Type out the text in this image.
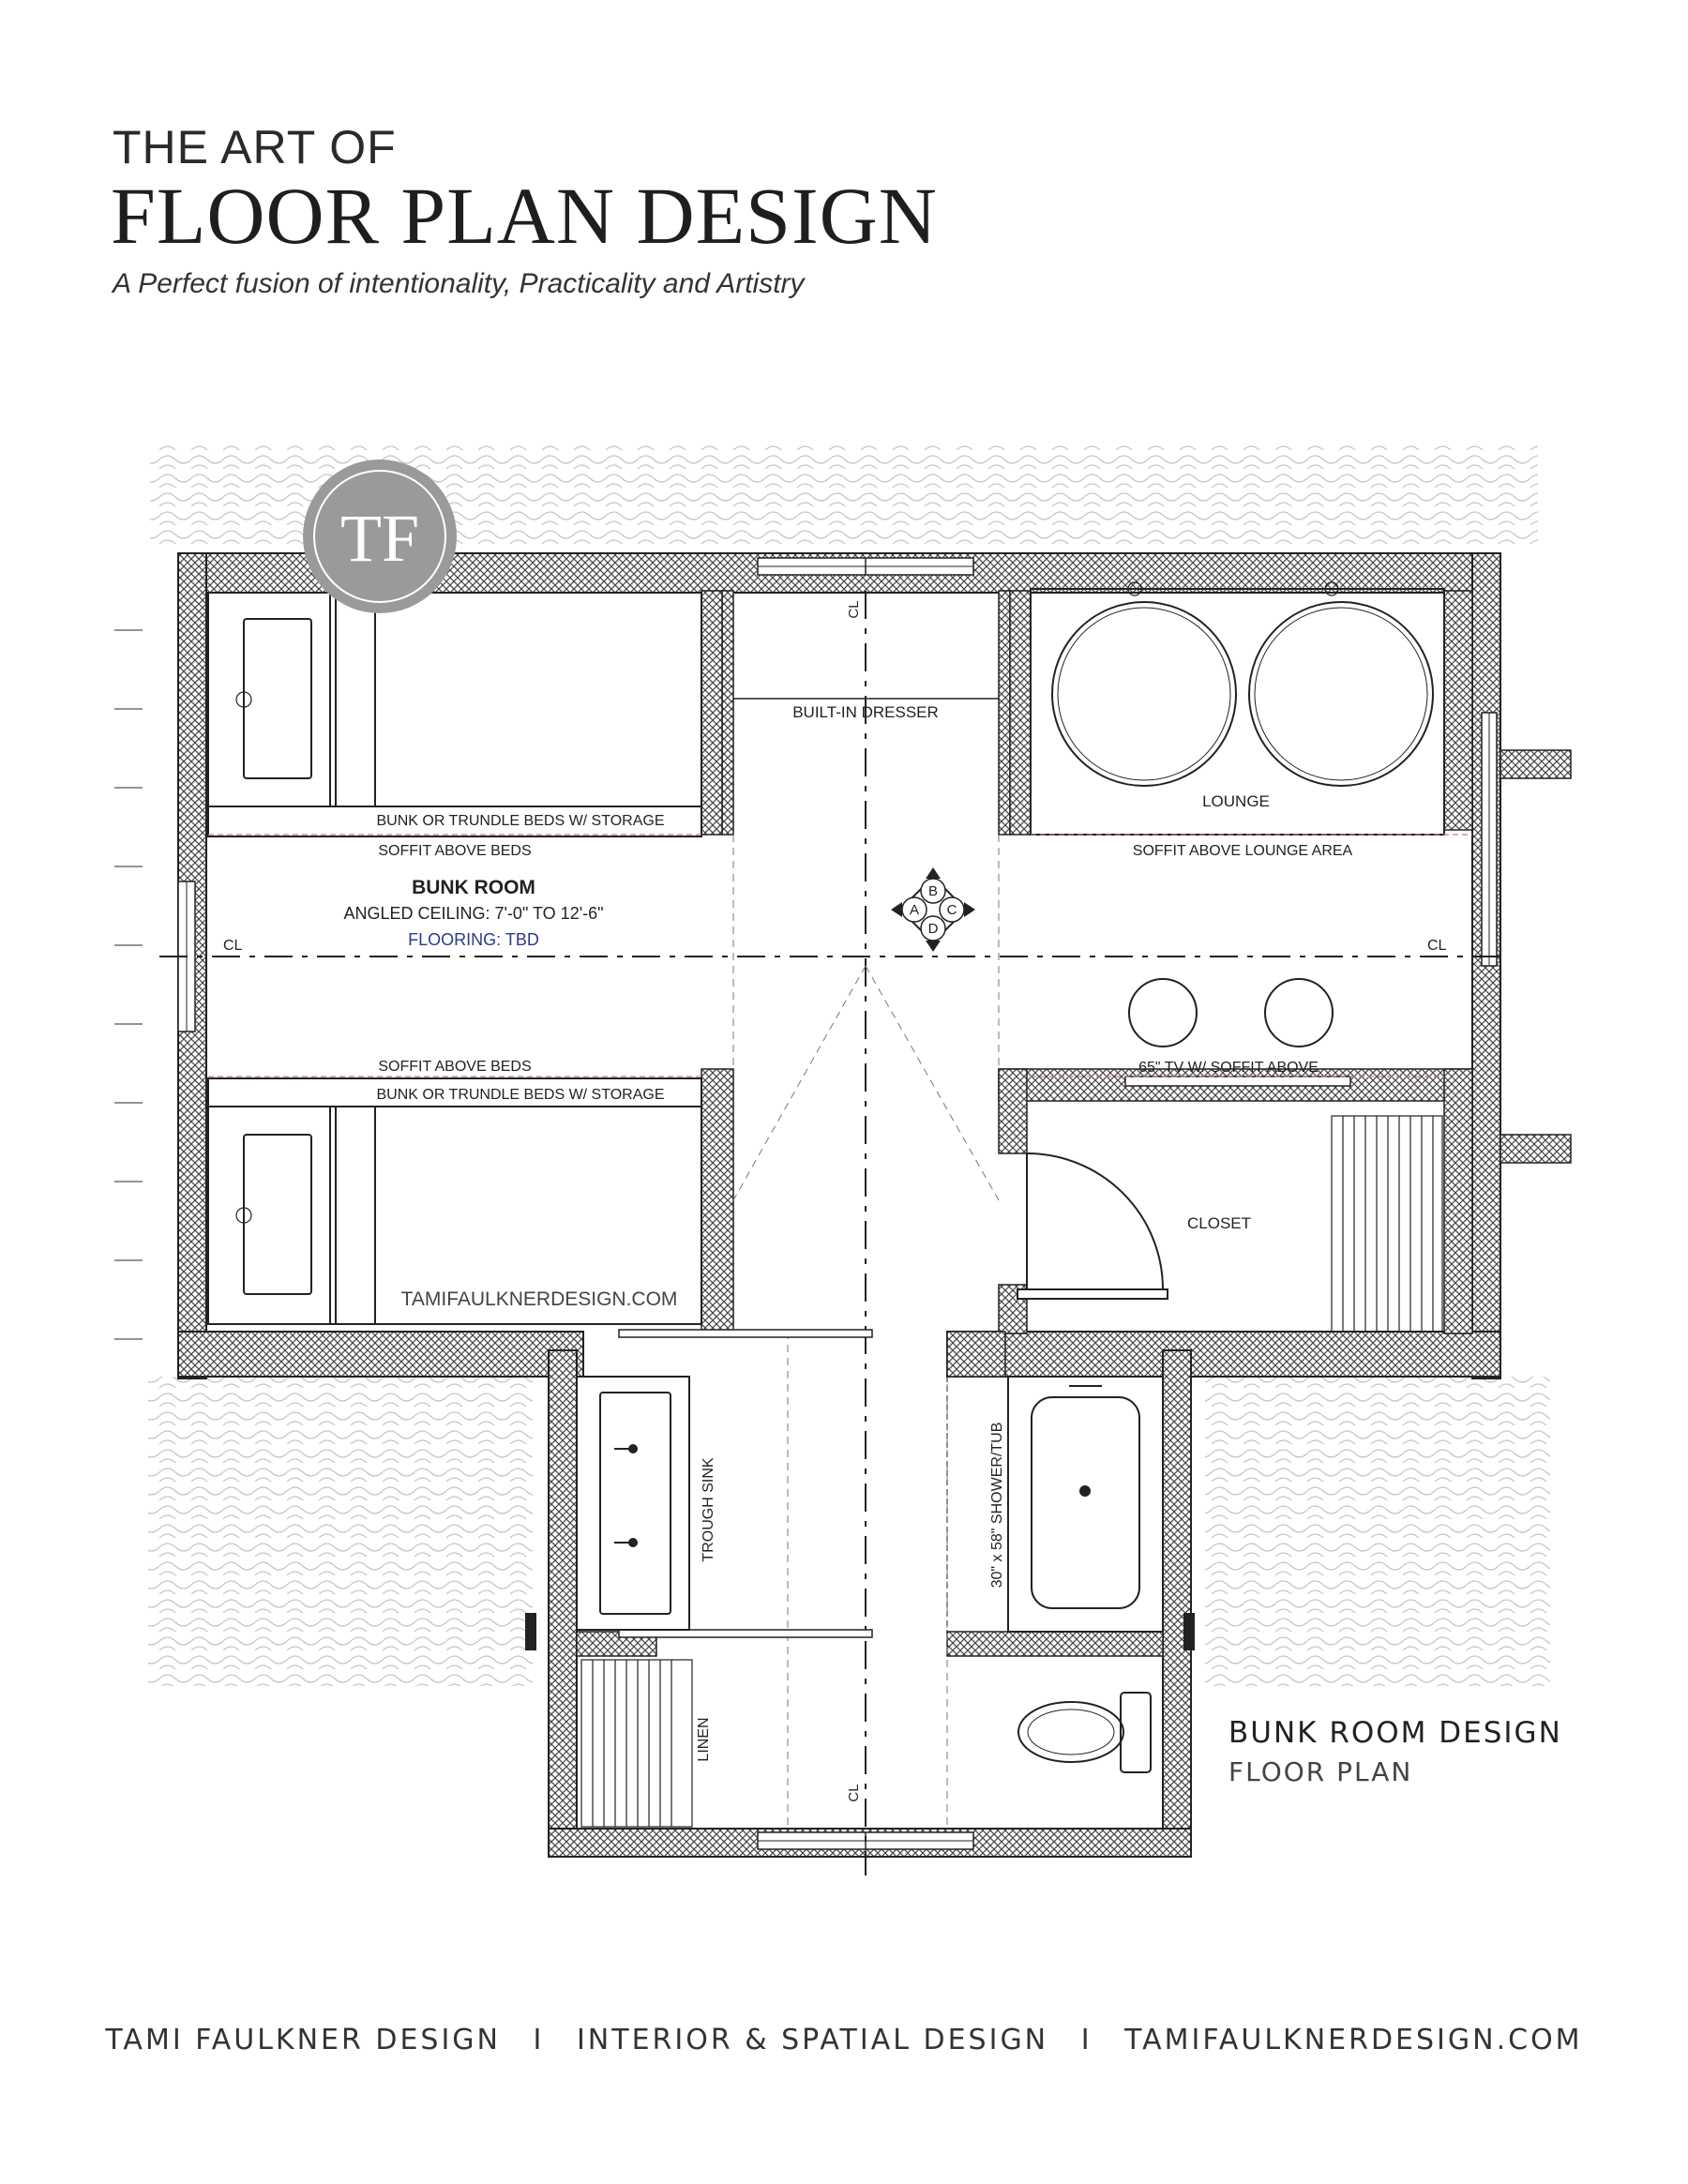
THE ART OF
FLOOR PLAN DESIGN
A Perfect fusion of intentionality, Practicality and Artistry
B
D
A C
TF
BUILT-IN DRESSER
LOUNGE
BUNK OR TRUNDLE BEDS W/ STORAGE
SOFFIT ABOVE BEDS	SOFFIT ABOVE LOUNGE AREA
BUNK ROOM
ANGLED CEILING: 7'-0" TO 12'-6"
FLOORING: TBD
CL	CL
SOFFIT ABOVE BEDS
BUNK OR TRUNDLE BEDS W/ STORAGE
65" TV W/ SOFFIT ABOVE
CLOSET
TAMIFAULKNERDESIGN.COM
TROUGH SINK	30" x 58" SHOWER/TUB
LINEN
CL
CL
BUNK ROOM DESIGN
FLOOR PLAN
TAMI FAULKNER DESIGN I INTERIOR & SPATIAL DESIGN I TAMIFAULKNERDESIGN.COM
